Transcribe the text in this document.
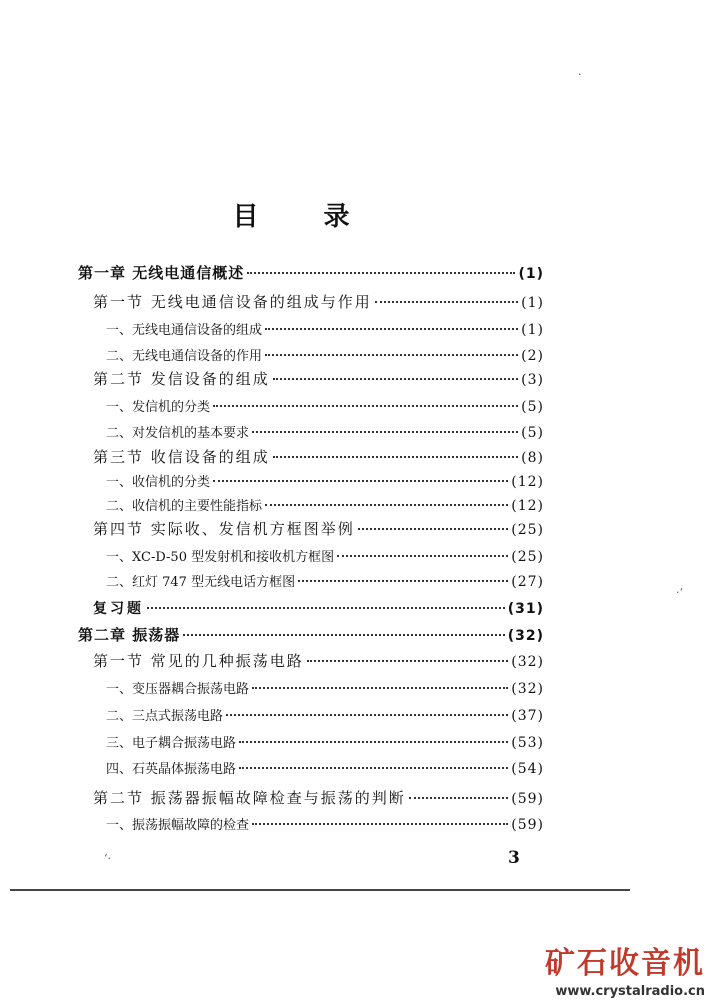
目 录
第一章 无线电通信概述	(1)
第一节 无线电通信设备的组成与作用	(1)
一、无线电通信设备的组成	(1)
二、无线电通信设备的作用	(2)
第二节 发信设备的组成	(3)
一、发信机的分类	(5)
二、对发信机的基本要求	(5)
第三节 收信设备的组成	(8)
一、收信机的分类	(12)
二、收信机的主要性能指标	(12)
第四节 实际收、发信机方框图举例	(25)
一、XC-D-50 型发射机和接收机方框图	(25)
二、红灯 747 型无线电话方框图	(27)
复习题	(31)
第二章 振荡器	(32)
第一节 常见的几种振荡电路	(32)
一、变压器耦合振荡电路	(32)
二、三点式振荡电路	(37)
三、电子耦合振荡电路	(53)
四、石英晶体振荡电路	(54)
第二节 振荡器振幅故障检查与振荡的判断	(59)
一、振荡振幅故障的检查	(59)
3
·
·ʻ
ʻ·
矿石收音机
www.crystalradio.cn
